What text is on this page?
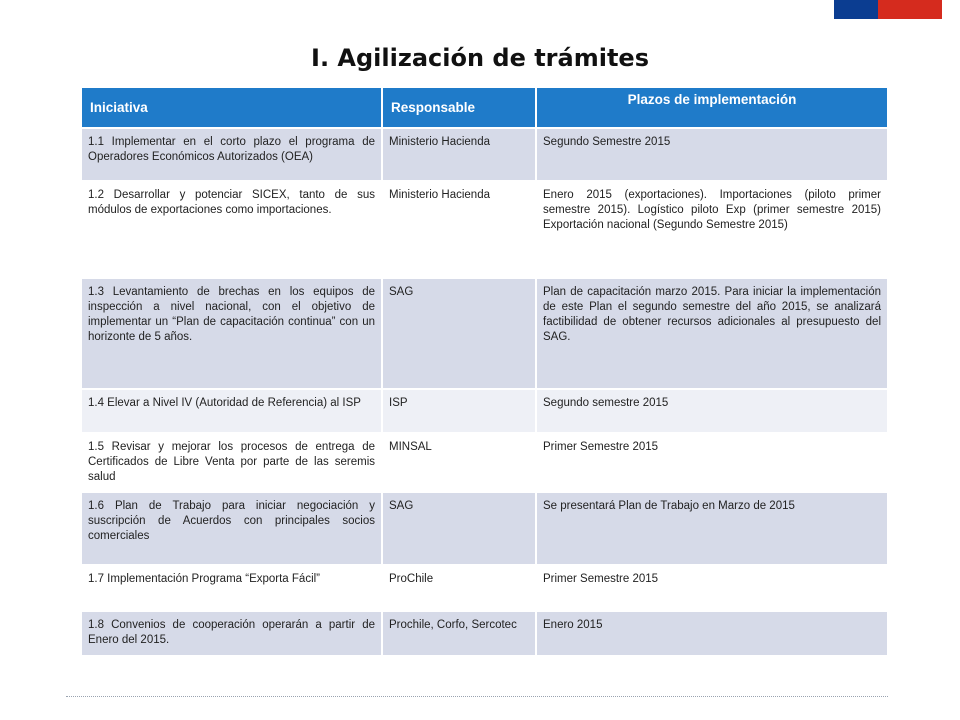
I. Agilización de trámites
Iniciativa	Responsable	Plazos de implementación
1.1 Implementar en el corto plazo el programa de Operadores Económicos Autorizados (OEA)	Ministerio Hacienda	Segundo Semestre 2015
1.2 Desarrollar y potenciar SICEX, tanto de sus módulos de exportaciones como importaciones.	Ministerio Hacienda	Enero 2015 (exportaciones). Importaciones (piloto primer semestre 2015). Logístico piloto Exp (primer semestre 2015) Exportación nacional (Segundo Semestre 2015)
1.3 Levantamiento de brechas en los equipos de inspección a nivel nacional, con el objetivo de implementar un “Plan de capacitación continua” con un horizonte de 5 años.	SAG	Plan de capacitación marzo 2015. Para iniciar la implementación de este Plan el segundo semestre del año 2015, se analizará factibilidad de obtener recursos adicionales al presupuesto del SAG.
1.4 Elevar a Nivel IV (Autoridad de Referencia) al ISP	ISP	Segundo semestre 2015
1.5 Revisar y mejorar los procesos de entrega de Certificados de Libre Venta por parte de las seremis salud	MINSAL	Primer Semestre 2015
1.6 Plan de Trabajo para iniciar negociación y suscripción de Acuerdos con principales socios comerciales	SAG	Se presentará Plan de Trabajo en Marzo de 2015
1.7 Implementación Programa “Exporta Fácil”	ProChile	Primer Semestre 2015
1.8 Convenios de cooperación operarán a partir de Enero del 2015.	Prochile, Corfo, Sercotec	Enero 2015
